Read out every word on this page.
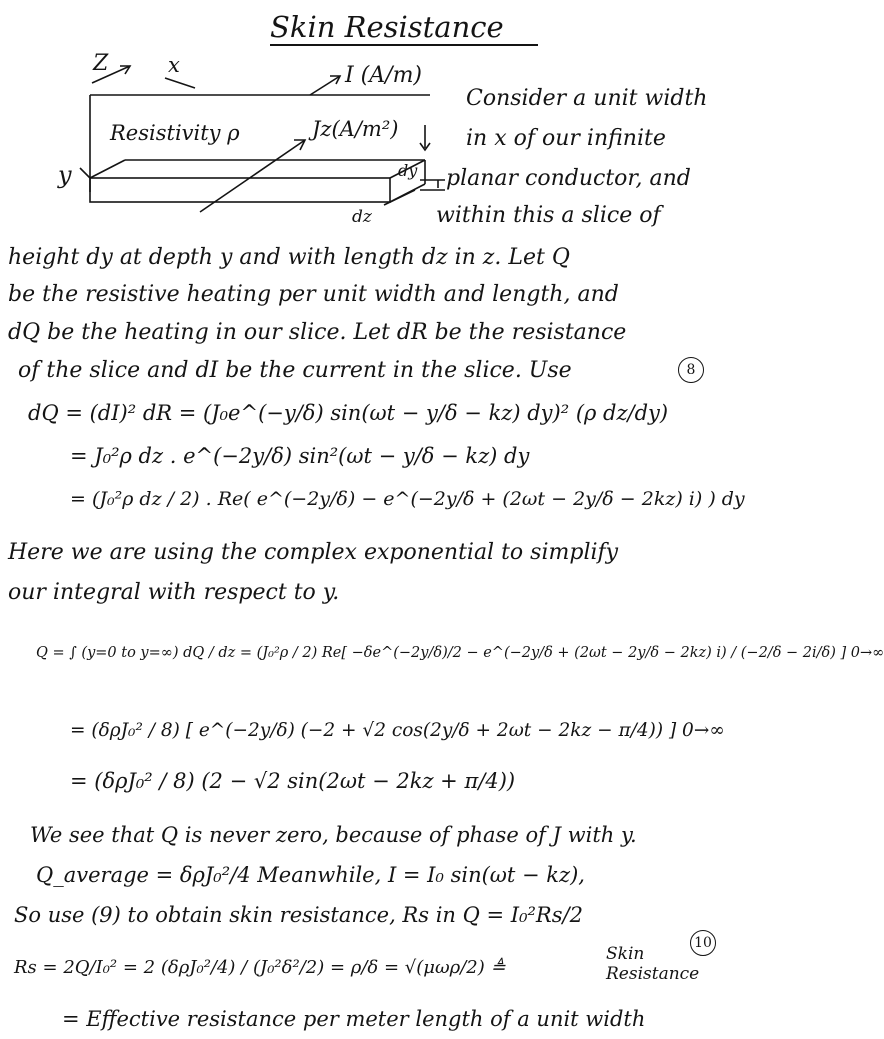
Skin Resistance
Z	x
y
I (A/m)
Resistivity ρ	Jz(A/m²)
dy
dz
Consider a unit width
in x of our infinite
planar conductor, and
within this a slice of
height dy at depth y and with length dz in z. Let Q
be the resistive heating per unit width and length, and
dQ be the heating in our slice. Let dR be the resistance
of the slice and dI be the current in the slice. Use	8
dQ = (dI)² dR = (J₀e^(−y/δ) sin(ωt − y/δ − kz) dy)² (ρ dz/dy)
= J₀²ρ dz . e^(−2y/δ) sin²(ωt − y/δ − kz) dy
= (J₀²ρ dz / 2) . Re( e^(−2y/δ) − e^(−2y/δ + (2ωt − 2y/δ − 2kz) i) ) dy
Here we are using the complex exponential to simplify
our integral with respect to y.
Q = ∫ (y=0 to y=∞) dQ / dz = (J₀²ρ / 2) Re[ −δe^(−2y/δ)/2 − e^(−2y/δ + (2ωt − 2y/δ − 2kz) i) / (−2/δ − 2i/δ) ] 0→∞
= (δρJ₀² / 8) [ e^(−2y/δ) (−2 + √2 cos(2y/δ + 2ωt − 2kz − π/4)) ] 0→∞
= (δρJ₀² / 8) (2 − √2 sin(2ωt − 2kz + π/4))
We see that Q is never zero, because of phase of J with y.
Q_average = δρJ₀²/4 Meanwhile, I = I₀ sin(ωt − kz),
So use (9) to obtain skin resistance, Rs in Q = I₀²Rs/2
Rs = 2Q/I₀² = 2 (δρJ₀²/4) / (J₀²δ²/2) = ρ/δ = √(μωρ/2) ≜
Skin Resistance
10
= Effective resistance per meter length of a unit width
